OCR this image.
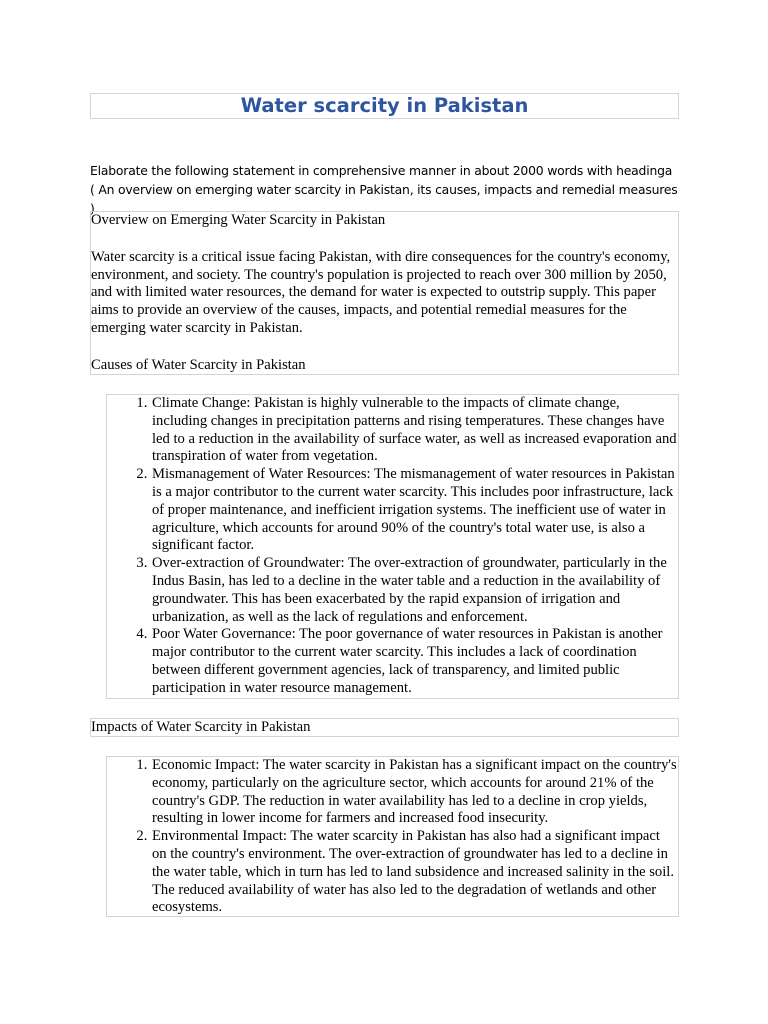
Water scarcity in Pakistan

Elaborate the following statement in comprehensive manner in about 2000 words with headinga ( An overview on emerging water scarcity in Pakistan, its causes, impacts and remedial measures )

Overview on Emerging Water Scarcity in Pakistan

Water scarcity is a critical issue facing Pakistan, with dire consequences for the country's economy, environment, and society. The country's population is projected to reach over 300 million by 2050, and with limited water resources, the demand for water is expected to outstrip supply. This paper aims to provide an overview of the causes, impacts, and potential remedial measures for the emerging water scarcity in Pakistan.

Causes of Water Scarcity in Pakistan

1. Climate Change: Pakistan is highly vulnerable to the impacts of climate change, including changes in precipitation patterns and rising temperatures. These changes have led to a reduction in the availability of surface water, as well as increased evaporation and transpiration of water from vegetation.
2. Mismanagement of Water Resources: The mismanagement of water resources in Pakistan is a major contributor to the current water scarcity. This includes poor infrastructure, lack of proper maintenance, and inefficient irrigation systems. The inefficient use of water in agriculture, which accounts for around 90% of the country's total water use, is also a significant factor.
3. Over-extraction of Groundwater: The over-extraction of groundwater, particularly in the Indus Basin, has led to a decline in the water table and a reduction in the availability of groundwater. This has been exacerbated by the rapid expansion of irrigation and urbanization, as well as the lack of regulations and enforcement.
4. Poor Water Governance: The poor governance of water resources in Pakistan is another major contributor to the current water scarcity. This includes a lack of coordination between different government agencies, lack of transparency, and limited public participation in water resource management.
Impacts of Water Scarcity in Pakistan
1. Economic Impact: The water scarcity in Pakistan has a significant impact on the country's economy, particularly on the agriculture sector, which accounts for around 21% of the country's GDP. The reduction in water availability has led to a decline in crop yields, resulting in lower income for farmers and increased food insecurity.
2. Environmental Impact: The water scarcity in Pakistan has also had a significant impact on the country's environment. The over-extraction of groundwater has led to a decline in the water table, which in turn has led to land subsidence and increased salinity in the soil. The reduced availability of water has also led to the degradation of wetlands and other ecosystems.
